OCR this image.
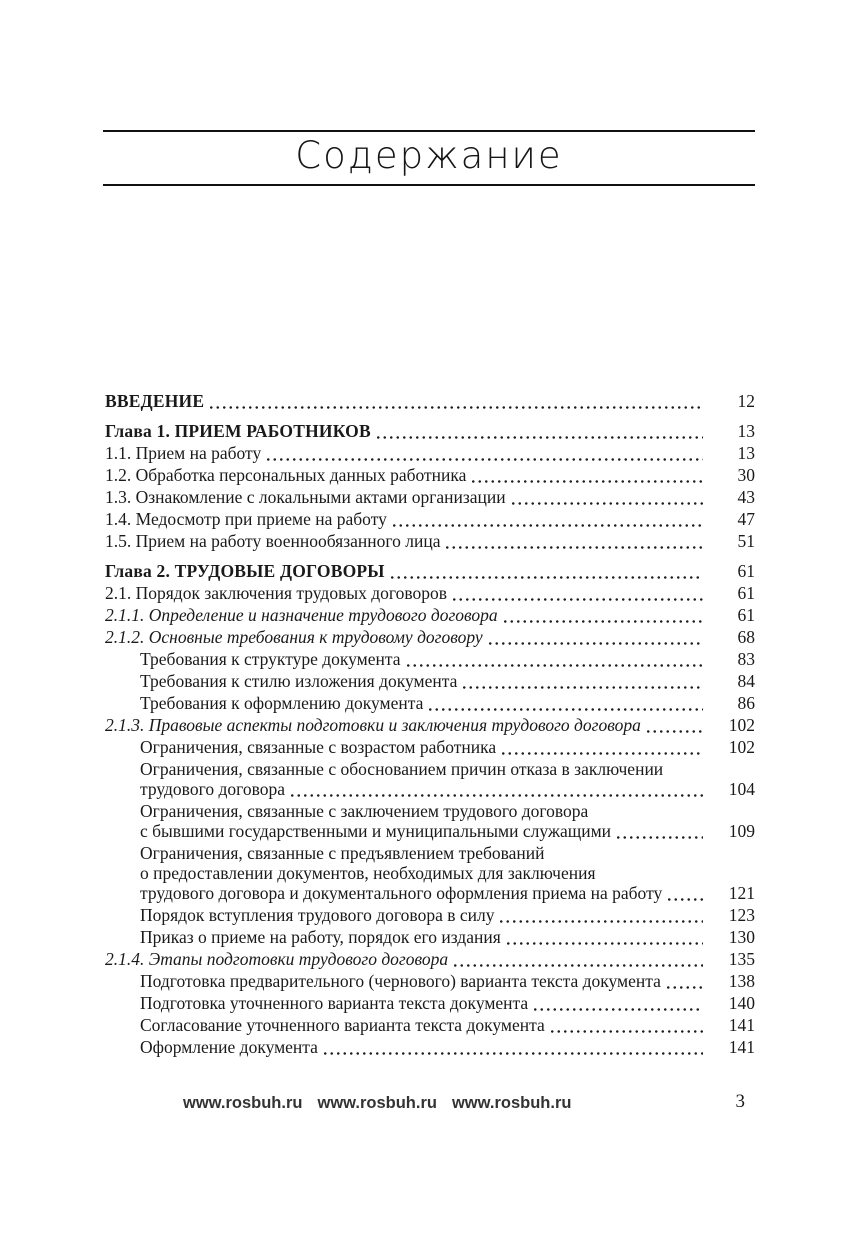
Содержание
ВВЕДЕНИЕ	12
Глава 1. ПРИЕМ РАБОТНИКОВ	13
1.1. Прием на работу	13
1.2. Обработка персональных данных работника	30
1.3. Ознакомление с локальными актами организации	43
1.4. Медосмотр при приеме на работу	47
1.5. Прием на работу военнообязанного лица	51
Глава 2. ТРУДОВЫЕ ДОГОВОРЫ	61
2.1. Порядок заключения трудовых договоров	61
2.1.1. Определение и назначение трудового договора	61
2.1.2. Основные требования к трудовому договору	68
Требования к структуре документа	83
Требования к стилю изложения документа	84
Требования к оформлению документа	86
2.1.3. Правовые аспекты подготовки и заключения трудового договора	102
Ограничения, связанные с возрастом работника	102
Ограничения, связанные с обоснованием причин отказа в заключении
трудового договора	104
Ограничения, связанные с заключением трудового договора
с бывшими государственными и муниципальными служащими	109
Ограничения, связанные с предъявлением требований
о предоставлении документов, необходимых для заключения
трудового договора и документального оформления приема на работу	121
Порядок вступления трудового договора в силу	123
Приказ о приеме на работу, порядок его издания	130
2.1.4. Этапы подготовки трудового договора	135
Подготовка предварительного (чернового) варианта текста документа	138
Подготовка уточненного варианта текста документа	140
Согласование уточненного варианта текста документа	141
Оформление документа	141
www.rosbuh.ru www.rosbuh.ru www.rosbuh.ru	3
